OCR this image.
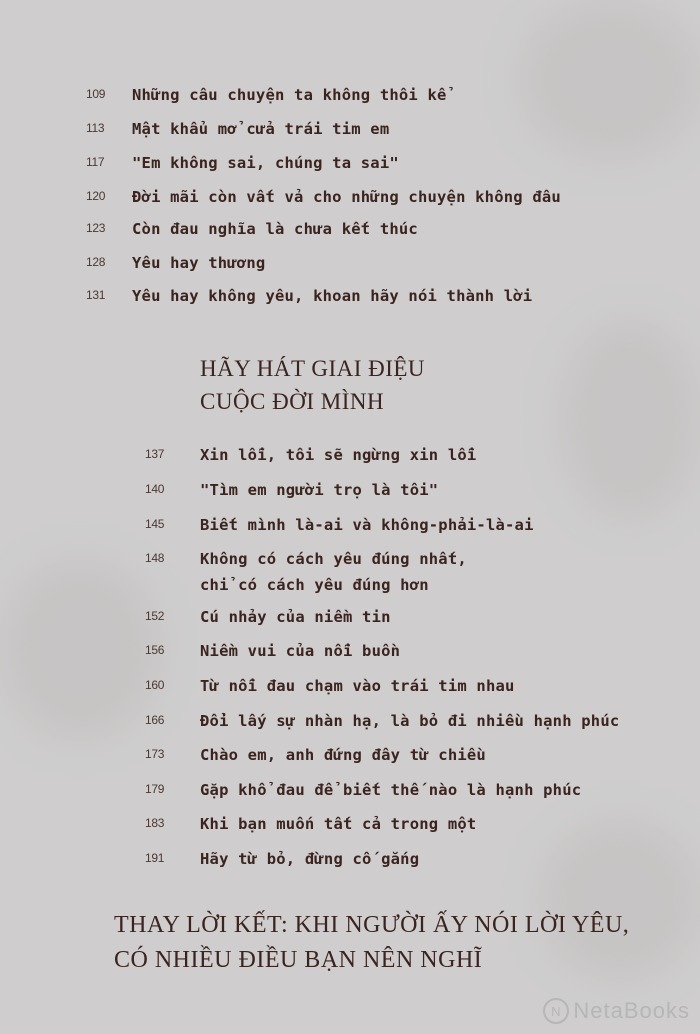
109	Những câu chuyện ta không thôi kể
113	Mật khẩu mở cửa trái tim em
117	"Em không sai, chúng ta sai"
120	Đời mãi còn vất vả cho những chuyện không đâu
123	Còn đau nghĩa là chưa kết thúc
128	Yêu hay thương
131	Yêu hay không yêu, khoan hãy nói thành lời
HÃY HÁT GIAI ĐIỆU
CUỘC ĐỜI MÌNH
137	Xin lỗi, tôi sẽ ngừng xin lỗi
140	"Tìm em người trọ là tôi"
145	Biết mình là-ai và không-phải-là-ai
148	Không có cách yêu đúng nhất,
chỉ có cách yêu đúng hơn
152	Cú nhảy của niềm tin
156	Niềm vui của nỗi buồn
160	Từ nỗi đau chạm vào trái tim nhau
166	Đổi lấy sự nhàn hạ, là bỏ đi nhiều hạnh phúc
173	Chào em, anh đứng đây từ chiều
179	Gặp khổ đau để biết thế nào là hạnh phúc
183	Khi bạn muốn tất cả trong một
191	Hãy từ bỏ, đừng cố gắng
THAY LỜI KẾT: KHI NGƯỜI ẤY NÓI LỜI YÊU,
CÓ NHIỀU ĐIỀU BẠN NÊN NGHĨ
N NetaBooks
